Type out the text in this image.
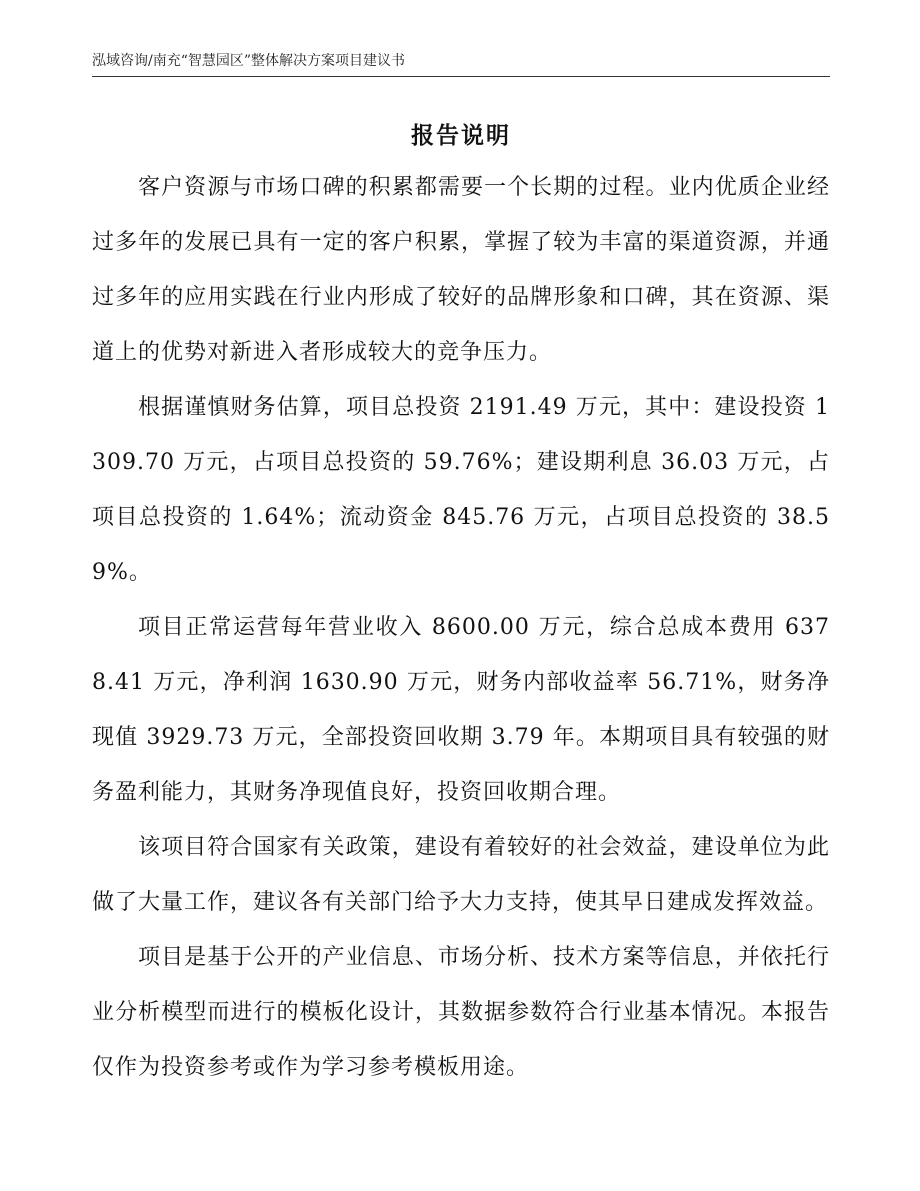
泓域咨询/南充“智慧园区”整体解决方案项目建议书
报告说明

客户资源与市场口碑的积累都需要一个长期的过程。业内优质企业经过多年的发展已具有一定的客户积累，掌握了较为丰富的渠道资源，并通过多年的应用实践在行业内形成了较好的品牌形象和口碑，其在资源、渠道上的优势对新进入者形成较大的竞争压力。

根据谨慎财务估算，项目总投资 2191.49 万元，其中：建设投资 1309.70 万元，占项目总投资的 59.76%；建设期利息 36.03 万元，占项目总投资的 1.64%；流动资金 845.76 万元，占项目总投资的 38.59%。

项目正常运营每年营业收入 8600.00 万元，综合总成本费用 6378.41 万元，净利润 1630.90 万元，财务内部收益率 56.71%，财务净现值 3929.73 万元，全部投资回收期 3.79 年。本期项目具有较强的财务盈利能力，其财务净现值良好，投资回收期合理。

该项目符合国家有关政策，建设有着较好的社会效益，建设单位为此做了大量工作，建议各有关部门给予大力支持，使其早日建成发挥效益。

项目是基于公开的产业信息、市场分析、技术方案等信息，并依托行业分析模型而进行的模板化设计，其数据参数符合行业基本情况。本报告仅作为投资参考或作为学习参考模板用途。
